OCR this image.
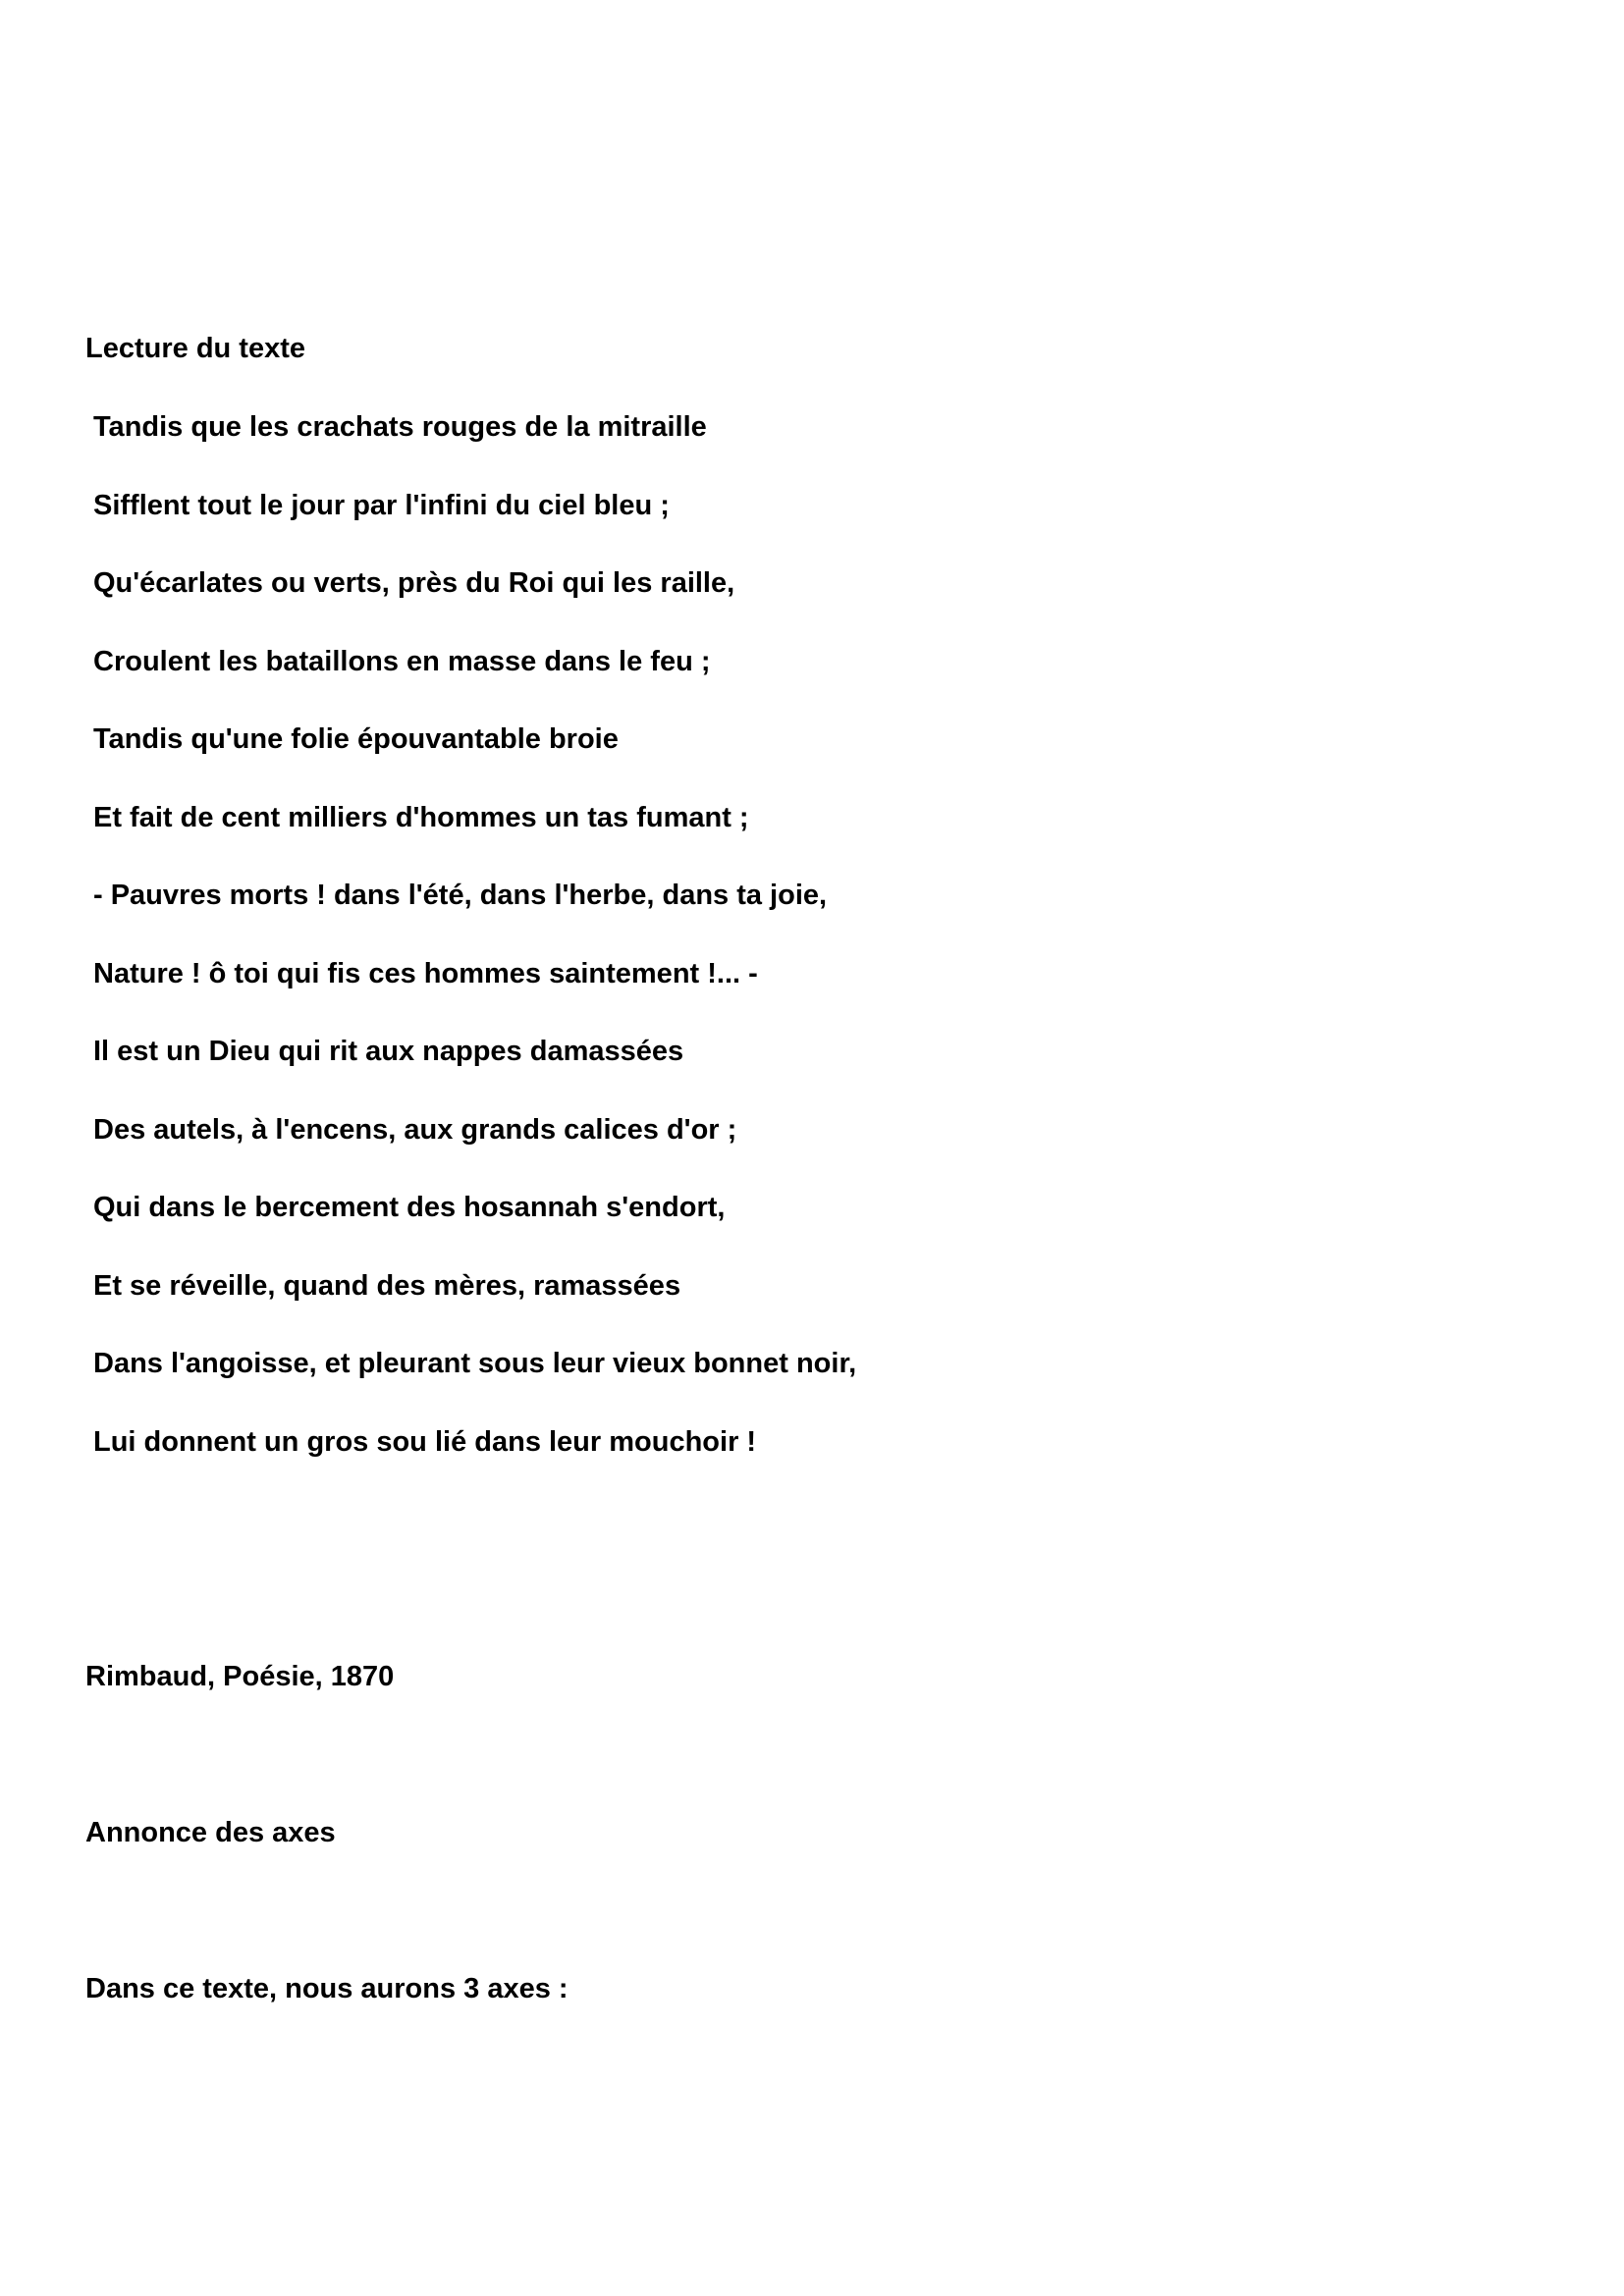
Lecture du texte

Tandis que les crachats rouges de la mitraille

Sifflent tout le jour par l'infini du ciel bleu ;

Qu'écarlates ou verts, près du Roi qui les raille,

Croulent les bataillons en masse dans le feu ;

Tandis qu'une folie épouvantable broie

Et fait de cent milliers d'hommes un tas fumant ;

- Pauvres morts ! dans l'été, dans l'herbe, dans ta joie,

Nature ! ô toi qui fis ces hommes saintement !... -

Il est un Dieu qui rit aux nappes damassées

Des autels, à l'encens, aux grands calices d'or ;

Qui dans le bercement des hosannah s'endort,

Et se réveille, quand des mères, ramassées

Dans l'angoisse, et pleurant sous leur vieux bonnet noir,

Lui donnent un gros sou lié dans leur mouchoir !

Rimbaud, Poésie, 1870

Annonce des axes

Dans ce texte, nous aurons 3 axes :
